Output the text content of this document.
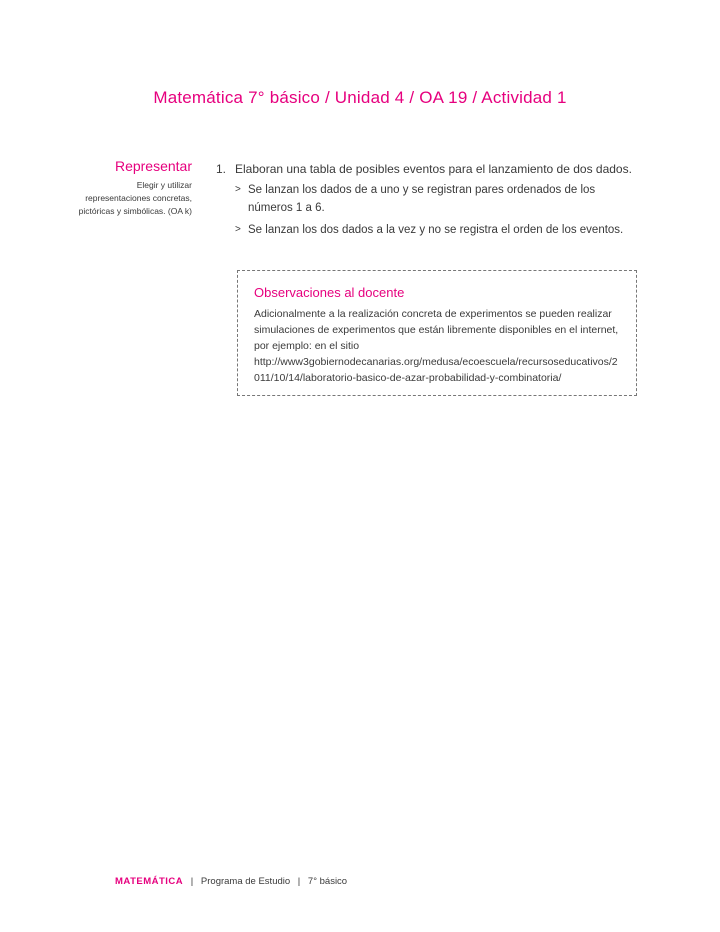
Matemática 7° básico / Unidad 4 / OA 19 / Actividad 1
Representar
Elegir y utilizar representaciones concretas, pictóricas y simbólicas. (OA k)
1. Elaboran una tabla de posibles eventos para el lanzamiento de dos dados.
> Se lanzan los dados de a uno y se registran pares ordenados de los números 1 a 6.
> Se lanzan los dos dados a la vez y no se registra el orden de los eventos.
Observaciones al docente
Adicionalmente a la realización concreta de experimentos se pueden realizar simulaciones de experimentos que están libremente disponibles en el internet, por ejemplo: en el sitio http://www3gobiernodecanarias.org/medusa/ecoescuela/recursoseducativos/2011/10/14/laboratorio-basico-de-azar-probabilidad-y-combinatoria/
MATEMÁTICA | Programa de Estudio | 7° básico
